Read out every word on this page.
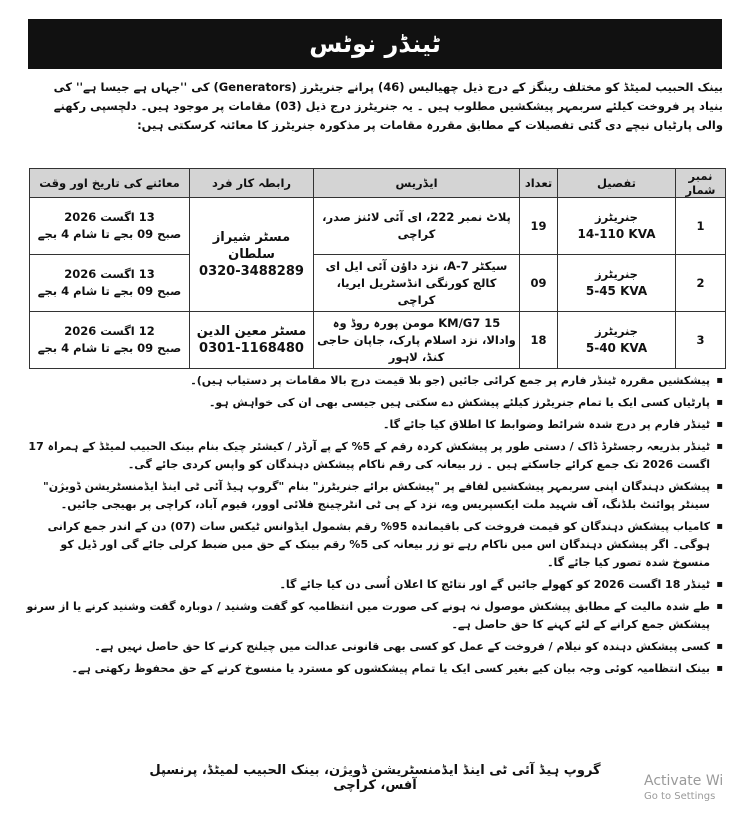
ٹینڈر نوٹس
بینک الحبیب لمیٹڈ کو مختلف رینگز کے درج ذیل چھیالیس (46) پرانے جنریٹرز (Generators) کی ''جہاں ہے جیسا ہے'' کی بنیاد پر فروخت کیلئے سربمہر پیشکشیں مطلوب ہیں ۔ یہ جنریٹرز درج ذیل (03) مقامات پر موجود ہیں۔ دلچسپی رکھنے والی پارٹیاں نیچے دی گئی تفصیلات کے مطابق مقررہ مقامات پر مذکورہ جنریٹرز کا معائنہ کرسکتی ہیں:
نمبر شمار	تفصیل	تعداد	ایڈریس	رابطہ کار فرد	معائنے کی تاریخ اور وقت
1	جنریٹرز
14-110 KVA	19	پلاٹ نمبر 222، ای آئی لائنز صدر، کراچی	مسٹر شیراز سلطان
0320-3488289	13 اگست 2026
صبح 09 بجے تا شام 4 بجے

2	جنریٹرز
5-45 KVA	09	سیکٹر A-7، نزد داؤن آئی ایل ای کالج کورنگی انڈسٹریل ایریا، کراچی		13 اگست 2026
صبح 09 بجے تا شام 4 بجے

3	جنریٹرز
5-40 KVA	18	15 KM/G7 مومن پورہ روڈ وہ وادالا، نزد اسلام پارک، جاپان حاجی کنڈ، لاہور	مسٹر معین الدین
0301-1168480	12 اگست 2026
صبح 09 بجے تا شام 4 بجے
▪ پیشکشیں مقررہ ٹینڈر فارم پر جمع کرائی جائیں (جو بلا قیمت درج بالا مقامات پر دستیاب ہیں)۔
▪ پارٹیاں کسی ایک یا تمام جنریٹرز کیلئے پیشکش دے سکتی ہیں جیسی بھی ان کی خواہش ہو۔
▪ ٹینڈر فارم پر درج شدہ شرائط وضوابط کا اطلاق کیا جائے گا۔
▪ ٹینڈر بذریعہ رجسٹرڈ ڈاک / دستی طور پر پیشکش کردہ رقم کے 5% کے پے آرڈر / کیشئر چیک بنام بینک الحبیب لمیٹڈ کے ہمراہ 17 اگست 2026 تک جمع کرائے جاسکتے ہیں ۔ زر بیعانہ کی رقم ناکام پیشکش دہندگان کو واپس کردی جائے گی۔
▪ پیشکش دہندگان اپنی سربمہر پیشکشیں لفافے پر "پیشکش برائے جنریٹرز" بنام "گروپ ہیڈ آئی ٹی اینڈ ایڈمنسٹریشن ڈویژن" سینٹر پوائنٹ بلڈنگ، آف شہید ملت ایکسپریس وے، نزد کے پی ٹی انٹرچینج فلائی اوور، قیوم آباد، کراچی پر بھیجی جائیں۔
▪ کامیاب پیشکش دہندگان کو قیمت فروخت کی باقیماندہ 95% رقم بشمول ایڈوانس ٹیکس سات (07) دن کے اندر جمع کرانی ہوگی۔ اگر پیشکش دہندگان اس میں ناکام رہے تو زر بیعانہ کی 5% رقم بینک کے حق میں ضبط کرلی جائے گی اور ڈیل کو منسوخ شدہ تصور کیا جائے گا۔
▪ ٹینڈر 18 اگست 2026 کو کھولے جائیں گے اور نتائج کا اعلان اُسی دن کیا جائے گا۔
▪ طے شدہ مالیت کے مطابق پیشکش موصول نہ ہونے کی صورت میں انتظامیہ کو گفت وشنید / دوبارہ گفت وشنید کرنے یا از سرنو پیشکش جمع کرانے کے لئے کہنے کا حق حاصل ہے۔
▪ کسی پیشکش دہندہ کو نیلام / فروخت کے عمل کو کسی بھی قانونی عدالت میں چیلنج کرنے کا حق حاصل نہیں ہے۔
▪ بینک انتظامیہ کوئی وجہ بیان کیے بغیر کسی ایک یا تمام پیشکشوں کو مسترد یا منسوخ کرنے کے حق محفوظ رکھتی ہے۔
گروپ ہیڈ آئی ٹی اینڈ ایڈمنسٹریشن ڈویژن، بینک الحبیب لمیٹڈ، پرنسپل آفس، کراچی	Activate Wi
Go to Settings
